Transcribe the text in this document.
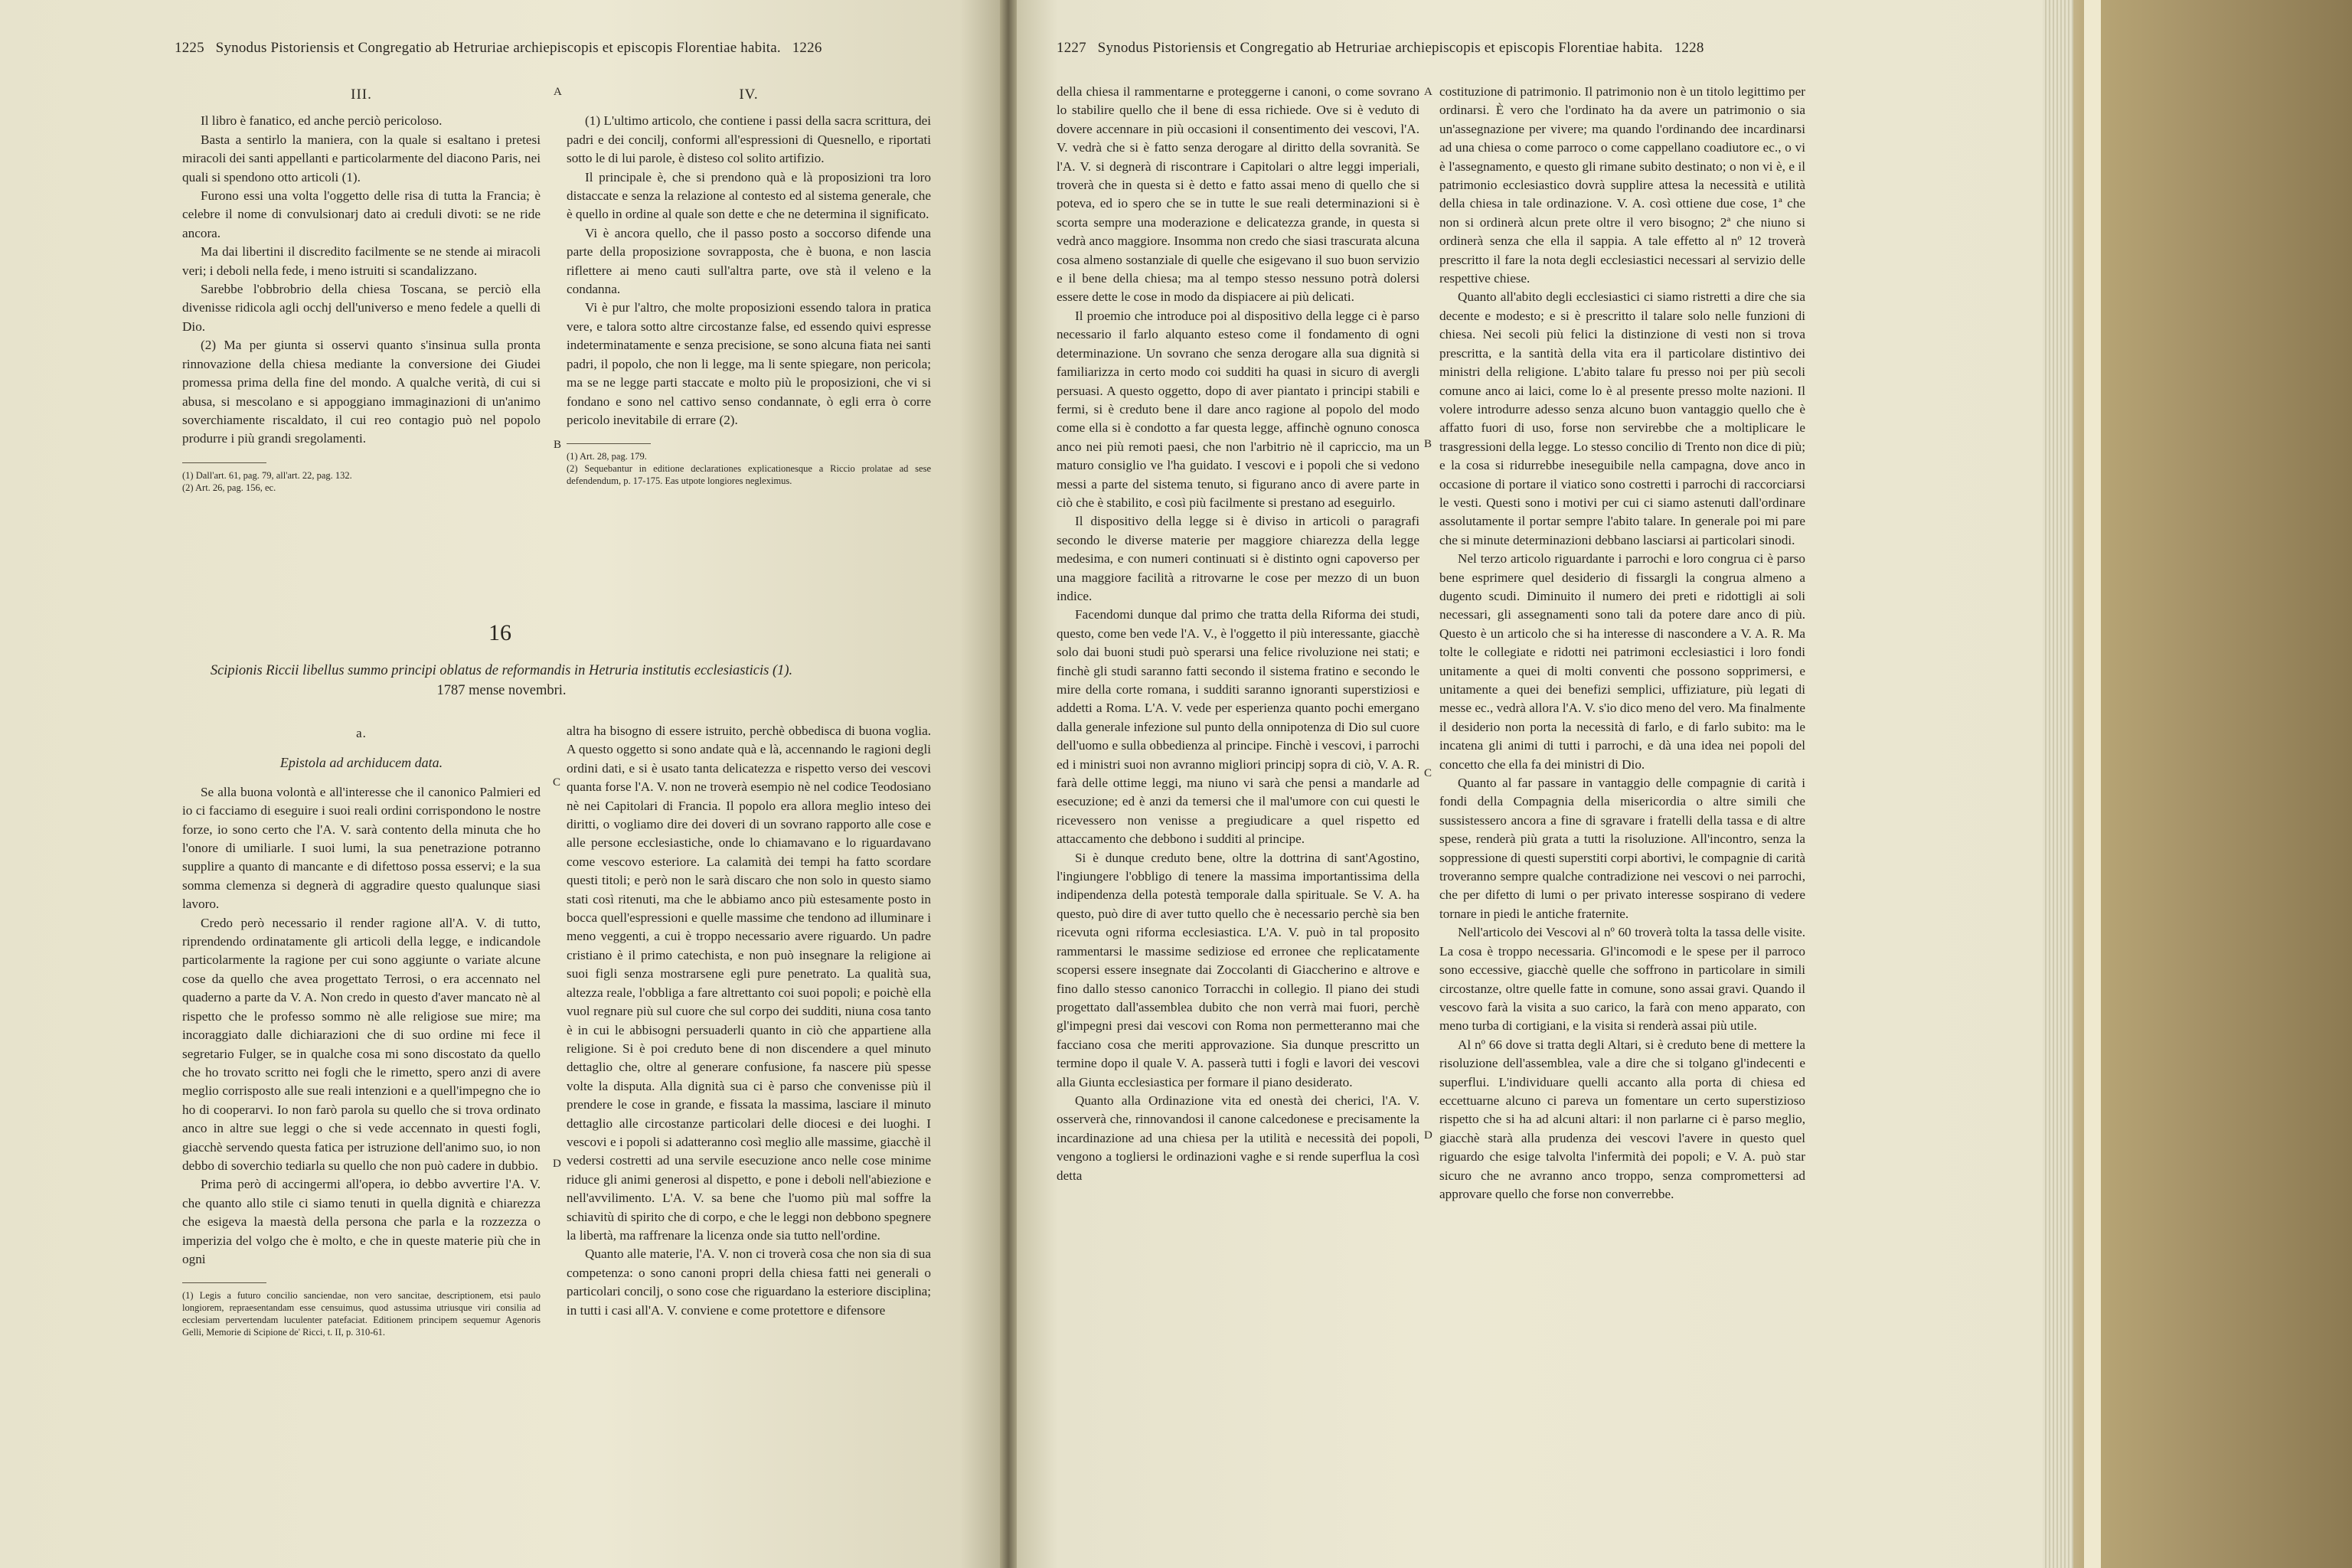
1225 Synodus Pistoriensis et Congregatio ab Hetruriae archiepiscopis et episcopis Florentiae habita. 1226
III.

Il libro è fanatico, ed anche perciò pericoloso.

Basta a sentirlo la maniera, con la quale si esaltano i pretesi miracoli dei santi appellanti e particolarmente del diacono Paris, nei quali si spendono otto articoli (1).

Furono essi una volta l'oggetto delle risa di tutta la Francia; è celebre il nome di convulsionarj dato ai creduli divoti: se ne ride ancora.

Ma dai libertini il discredito facilmente se ne stende ai miracoli veri; i deboli nella fede, i meno istruiti si scandalizzano.

Sarebbe l'obbrobrio della chiesa Toscana, se perciò ella divenisse ridicola agli occhj dell'universo e meno fedele a quelli di Dio.

(2) Ma per giunta si osservi quanto s'insinua sulla pronta rinnovazione della chiesa mediante la conversione dei Giudei promessa prima della fine del mondo. A qualche verità, di cui si abusa, si mescolano e si appoggiano immaginazioni di un'animo soverchiamente riscaldato, il cui reo contagio può nel popolo produrre i più grandi sregolamenti.

(1) Dall'art. 61, pag. 79, all'art. 22, pag. 132.

(2) Art. 26, pag. 156, ec.

A
B
C
D
IV.

(1) L'ultimo articolo, che contiene i passi della sacra scrittura, dei padri e dei concilj, conformi all'espressioni di Quesnello, e riportati sotto le di lui parole, è disteso col solito artifizio.

Il principale è, che si prendono quà e là proposizioni tra loro distaccate e senza la relazione al contesto ed al sistema generale, che è quello in ordine al quale son dette e che ne determina il significato.

Vi è ancora quello, che il passo posto a soccorso difende una parte della proposizione sovrapposta, che è buona, e non lascia riflettere ai meno cauti sull'altra parte, ove stà il veleno e la condanna.

Vi è pur l'altro, che molte proposizioni essendo talora in pratica vere, e talora sotto altre circostanze false, ed essendo quivi espresse indeterminatamente e senza precisione, se sono alcuna fiata nei santi padri, il popolo, che non li legge, ma li sente spiegare, non pericola; ma se ne legge parti staccate e molto più le proposizioni, che vi si fondano e sono nel cattivo senso condannate, ò egli erra ò corre pericolo inevitabile di errare (2).

(1) Art. 28, pag. 179.

(2) Sequebantur in editione declarationes explicationesque a Riccio prolatae ad sese defendendum, p. 17-175. Eas utpote longiores negleximus.

16
Scipionis Riccii libellus summo principi oblatus de reformandis in Hetruria institutis ecclesiasticis (1).
1787 mense novembri.
a.
Epistola ad archiducem data.

Se alla buona volontà e all'interesse che il canonico Palmieri ed io ci facciamo di eseguire i suoi reali ordini corrispondono le nostre forze, io sono certo che l'A. V. sarà contento della minuta che ho l'onore di umiliarle. I suoi lumi, la sua penetrazione potranno supplire a quanto di mancante e di difettoso possa esservi; e la sua somma clemenza si degnerà di aggradire questo qualunque siasi lavoro.

Credo però necessario il render ragione all'A. V. di tutto, riprendendo ordinatamente gli articoli della legge, e indicandole particolarmente la ragione per cui sono aggiunte o variate alcune cose da quello che avea progettato Terrosi, o era accennato nel quaderno a parte da V. A. Non credo in questo d'aver mancato nè al rispetto che le professo sommo nè alle religiose sue mire; ma incoraggiato dalle dichiarazioni che di suo ordine mi fece il segretario Fulger, se in qualche cosa mi sono discostato da quello che ho trovato scritto nei fogli che le rimetto, spero anzi di avere meglio corrisposto alle sue reali intenzioni e a quell'impegno che io ho di cooperarvi. Io non farò parola su quello che si trova ordinato anco in altre sue leggi o che si vede accennato in questi fogli, giacchè servendo questa fatica per istruzione dell'animo suo, io non debbo di soverchio tediarla su quello che non può cadere in dubbio.

Prima però di accingermi all'opera, io debbo avvertire l'A. V. che quanto allo stile ci siamo tenuti in quella dignità e chiarezza che esigeva la maestà della persona che parla e la rozzezza o imperizia del volgo che è molto, e che in queste materie più che in ogni

(1) Legis a futuro concilio sanciendae, non vero sancitae, descriptionem, etsi paulo longiorem, repraesentandam esse censuimus, quod astussima utriusque viri consilia ad ecclesiam pervertendam luculenter patefaciat. Editionem principem sequemur Agenoris Gelli, Memorie di Scipione de' Ricci, t. II, p. 310-61.

altra ha bisogno di essere istruito, perchè obbedisca di buona voglia. A questo oggetto si sono andate quà e là, accennando le ragioni degli ordini dati, e si è usato tanta delicatezza e rispetto verso dei vescovi quanta forse l'A. V. non ne troverà esempio nè nel codice Teodosiano nè nei Capitolari di Francia. Il popolo era allora meglio inteso dei diritti, o vogliamo dire dei doveri di un sovrano rapporto alle cose e alle persone ecclesiastiche, onde lo chiamavano e lo riguardavano come vescovo esteriore. La calamità dei tempi ha fatto scordare questi titoli; e però non le sarà discaro che non solo in questo siamo stati così ritenuti, ma che le abbiamo anco più estesamente posto in bocca quell'espressioni e quelle massime che tendono ad illuminare i meno veggenti, a cui è troppo necessario avere riguardo. Un padre cristiano è il primo catechista, e non può insegnare la religione ai suoi figli senza mostrarsene egli pure penetrato. La qualità sua, altezza reale, l'obbliga a fare altrettanto coi suoi popoli; e poichè ella vuol regnare più sul cuore che sul corpo dei sudditi, niuna cosa tanto è in cui le abbisogni persuaderli quanto in ciò che appartiene alla religione. Si è poi creduto bene di non discendere a quel minuto dettaglio che, oltre al generare confusione, fa nascere più spesse volte la disputa. Alla dignità sua ci è parso che convenisse più il prendere le cose in grande, e fissata la massima, lasciare il minuto dettaglio alle circostanze particolari delle diocesi e dei luoghi. I vescovi e i popoli si adatteranno così meglio alle massime, giacchè il vedersi costretti ad una servile esecuzione anco nelle cose minime riduce gli animi generosi al dispetto, e pone i deboli nell'abiezione e nell'avvilimento. L'A. V. sa bene che l'uomo più mal soffre la schiavitù di spirito che di corpo, e che le leggi non debbono spegnere la libertà, ma raffrenare la licenza onde sia tutto nell'ordine.

Quanto alle materie, l'A. V. non ci troverà cosa che non sia di sua competenza: o sono canoni propri della chiesa fatti nei generali o particolari concilj, o sono cose che riguardano la esteriore disciplina; in tutti i casi all'A. V. conviene e come protettore e difensore

1227 Synodus Pistoriensis et Congregatio ab Hetruriae archiepiscopis et episcopis Florentiae habita. 1228

della chiesa il rammentarne e proteggerne i canoni, o come sovrano lo stabilire quello che il bene di essa richiede. Ove si è veduto di dovere accennare in più occasioni il consentimento dei vescovi, l'A. V. vedrà che si è fatto senza derogare al diritto della sovranità. Se l'A. V. si degnerà di riscontrare i Capitolari o altre leggi imperiali, troverà che in questa si è detto e fatto assai meno di quello che si poteva, ed io spero che se in tutte le sue reali determinazioni si è scorta sempre una moderazione e delicatezza grande, in questa si vedrà anco maggiore. Insomma non credo che siasi trascurata alcuna cosa almeno sostanziale di quelle che esigevano il suo buon servizio e il bene della chiesa; ma al tempo stesso nessuno potrà dolersi essere dette le cose in modo da dispiacere ai più delicati.

Il proemio che introduce poi al dispositivo della legge ci è parso necessario il farlo alquanto esteso come il fondamento di ogni determinazione. Un sovrano che senza derogare alla sua dignità si familiarizza in certo modo coi sudditi ha quasi in sicuro di avergli persuasi. A questo oggetto, dopo di aver piantato i principi stabili e fermi, si è creduto bene il dare anco ragione al popolo del modo come ella si è condotto a far questa legge, affinchè ognuno conosca anco nei più remoti paesi, che non l'arbitrio nè il capriccio, ma un maturo consiglio ve l'ha guidato. I vescovi e i popoli che si vedono messi a parte del sistema tenuto, si figurano anco di avere parte in ciò che è stabilito, e così più facilmente si prestano ad eseguirlo.

Il dispositivo della legge si è diviso in articoli o paragrafi secondo le diverse materie per maggiore chiarezza della legge medesima, e con numeri continuati si è distinto ogni capoverso per una maggiore facilità a ritrovarne le cose per mezzo di un buon indice.

Facendomi dunque dal primo che tratta della Riforma dei studi, questo, come ben vede l'A. V., è l'oggetto il più interessante, giacchè solo dai buoni studi può sperarsi una felice rivoluzione nei stati; e finchè gli studi saranno fatti secondo il sistema fratino e secondo le mire della corte romana, i sudditi saranno ignoranti superstiziosi e addetti a Roma. L'A. V. vede per esperienza quanto pochi emergano dalla generale infezione sul punto della onnipotenza di Dio sul cuore dell'uomo e sulla obbedienza al principe. Finchè i vescovi, i parrochi ed i ministri suoi non avranno migliori principj sopra di ciò, V. A. R. farà delle ottime leggi, ma niuno vi sarà che pensi a mandarle ad esecuzione; ed è anzi da temersi che il mal'umore con cui questi le ricevessero non venisse a pregiudicare a quel rispetto ed attaccamento che debbono i sudditi al principe.

Si è dunque creduto bene, oltre la dottrina di sant'Agostino, l'ingiungere l'obbligo di tenere la massima importantissima della indipendenza della potestà temporale dalla spirituale. Se V. A. ha questo, può dire di aver tutto quello che è necessario perchè sia ben ricevuta ogni riforma ecclesiastica. L'A. V. può in tal proposito rammentarsi le massime sediziose ed erronee che replicatamente scopersi essere insegnate dai Zoccolanti di Giaccherino e altrove e fino dallo stesso canonico Torracchi in collegio. Il piano dei studi progettato dall'assemblea dubito che non verrà mai fuori, perchè gl'impegni presi dai vescovi con Roma non permetteranno mai che facciano cosa che meriti approvazione. Sia dunque prescritto un termine dopo il quale V. A. passerà tutti i fogli e lavori dei vescovi alla Giunta ecclesiastica per formare il piano desiderato.

Quanto alla Ordinazione vita ed onestà dei cherici, l'A. V. osserverà che, rinnovandosi il canone calcedonese e precisamente la incardinazione ad una chiesa per la utilità e necessità dei popoli, vengono a togliersi le ordinazioni vaghe e si rende superflua la così detta

A
B
C
D

costituzione di patrimonio. Il patrimonio non è un titolo legittimo per ordinarsi. È vero che l'ordinato ha da avere un patrimonio o sia un'assegnazione per vivere; ma quando l'ordinando dee incardinarsi ad una chiesa o come parroco o come cappellano coadiutore ec., o vi è l'assegnamento, e questo gli rimane subito destinato; o non vi è, e il patrimonio ecclesiastico dovrà supplire attesa la necessità e utilità della chiesa in tale ordinazione. V. A. così ottiene due cose, 1ª che non si ordinerà alcun prete oltre il vero bisogno; 2ª che niuno si ordinerà senza che ella il sappia. A tale effetto al nº 12 troverà prescritto il fare la nota degli ecclesiastici necessari al servizio delle respettive chiese.

Quanto all'abito degli ecclesiastici ci siamo ristretti a dire che sia decente e modesto; e si è prescritto il talare solo nelle funzioni di chiesa. Nei secoli più felici la distinzione di vesti non si trova prescritta, e la santità della vita era il particolare distintivo dei ministri della religione. L'abito talare fu presso noi per più secoli comune anco ai laici, come lo è al presente presso molte nazioni. Il volere introdurre adesso senza alcuno buon vantaggio quello che è affatto fuori di uso, forse non servirebbe che a moltiplicare le trasgressioni della legge. Lo stesso concilio di Trento non dice di più; e la cosa si ridurrebbe ineseguibile nella campagna, dove anco in occasione di portare il viatico sono costretti i parrochi di raccorciarsi le vesti. Questi sono i motivi per cui ci siamo astenuti dall'ordinare assolutamente il portar sempre l'abito talare. In generale poi mi pare che si minute determinazioni debbano lasciarsi ai particolari sinodi.

Nel terzo articolo riguardante i parrochi e loro congrua ci è parso bene esprimere quel desiderio di fissargli la congrua almeno a dugento scudi. Diminuito il numero dei preti e ridottigli ai soli necessari, gli assegnamenti sono tali da potere dare anco di più. Questo è un articolo che si ha interesse di nascondere a V. A. R. Ma tolte le collegiate e ridotti nei patrimoni ecclesiastici i loro fondi unitamente a quei di molti conventi che possono sopprimersi, e unitamente a quei dei benefizi semplici, uffiziature, più legati di messe ec., vedrà allora l'A. V. s'io dico meno del vero. Ma finalmente il desiderio non porta la necessità di farlo, e di farlo subito: ma le incatena gli animi di tutti i parrochi, e dà una idea nei popoli del concetto che ella fa dei ministri di Dio.

Quanto al far passare in vantaggio delle compagnie di carità i fondi della Compagnia della misericordia o altre simili che sussistessero ancora a fine di sgravare i fratelli della tassa e di altre spese, renderà più grata a tutti la risoluzione. All'incontro, senza la soppressione di questi superstiti corpi abortivi, le compagnie di carità troveranno sempre qualche contradizione nei vescovi o nei parrochi, che per difetto di lumi o per privato interesse sospirano di vedere tornare in piedi le antiche fraternite.

Nell'articolo dei Vescovi al nº 60 troverà tolta la tassa delle visite. La cosa è troppo necessaria. Gl'incomodi e le spese per il parroco sono eccessive, giacchè quelle che soffrono in particolare in simili circostanze, oltre quelle fatte in comune, sono assai gravi. Quando il vescovo farà la visita a suo carico, la farà con meno apparato, con meno turba di cortigiani, e la visita si renderà assai più utile.

Al nº 66 dove si tratta degli Altari, si è creduto bene di mettere la risoluzione dell'assemblea, vale a dire che si tolgano gl'indecenti e superflui. L'individuare quelli accanto alla porta di chiesa ed eccettuarne alcuno ci pareva un fomentare un certo superstizioso rispetto che si ha ad alcuni altari: il non parlarne ci è parso meglio, giacchè starà alla prudenza dei vescovi l'avere in questo quel riguardo che esige talvolta l'infermità dei popoli; e V. A. può star sicuro che ne avranno anco troppo, senza compromettersi ad approvare quello che forse non converrebbe.
